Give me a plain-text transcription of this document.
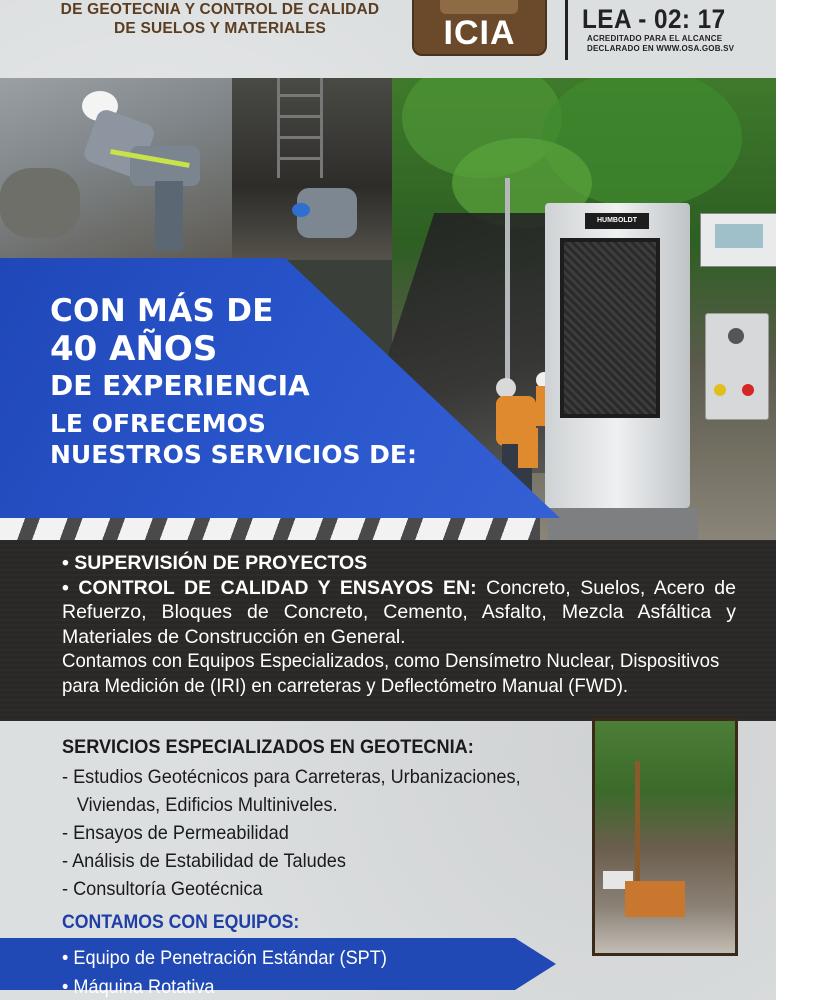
DE GEOTECNIA Y CONTROL DE CALIDAD
DE SUELOS Y MATERIALES	ICIA	LEA - 02: 17
ACREDITADO PARA EL ALCANCE
DECLARADO EN WWW.OSA.GOB.SV
HUMBOLDT
CON MÁS DE
40 AÑOS
DE EXPERIENCIA
LE OFRECEMOS
NUESTROS SERVICIOS DE:
• SUPERVISIÓN DE PROYECTOS
• CONTROL DE CALIDAD Y ENSAYOS EN: Concreto, Suelos, Acero de Refuerzo, Bloques de Concreto, Cemento, Asfalto, Mezcla Asfáltica y Materiales de Construcción en General.
Contamos con Equipos Especializados, como Densímetro Nuclear, Dispositivos
para Medición de (IRI) en carreteras y Deflectómetro Manual (FWD).
SERVICIOS ESPECIALIZADOS EN GEOTECNIA:
- Estudios Geotécnicos para Carreteras, Urbanizaciones,
Viviendas, Edificios Multiniveles.
- Ensayos de Permeabilidad
- Análisis de Estabilidad de Taludes
- Consultoría Geotécnica
CONTAMOS CON EQUIPOS:
• Equipo de Penetración Estándar (SPT)
• Máquina Rotativa
